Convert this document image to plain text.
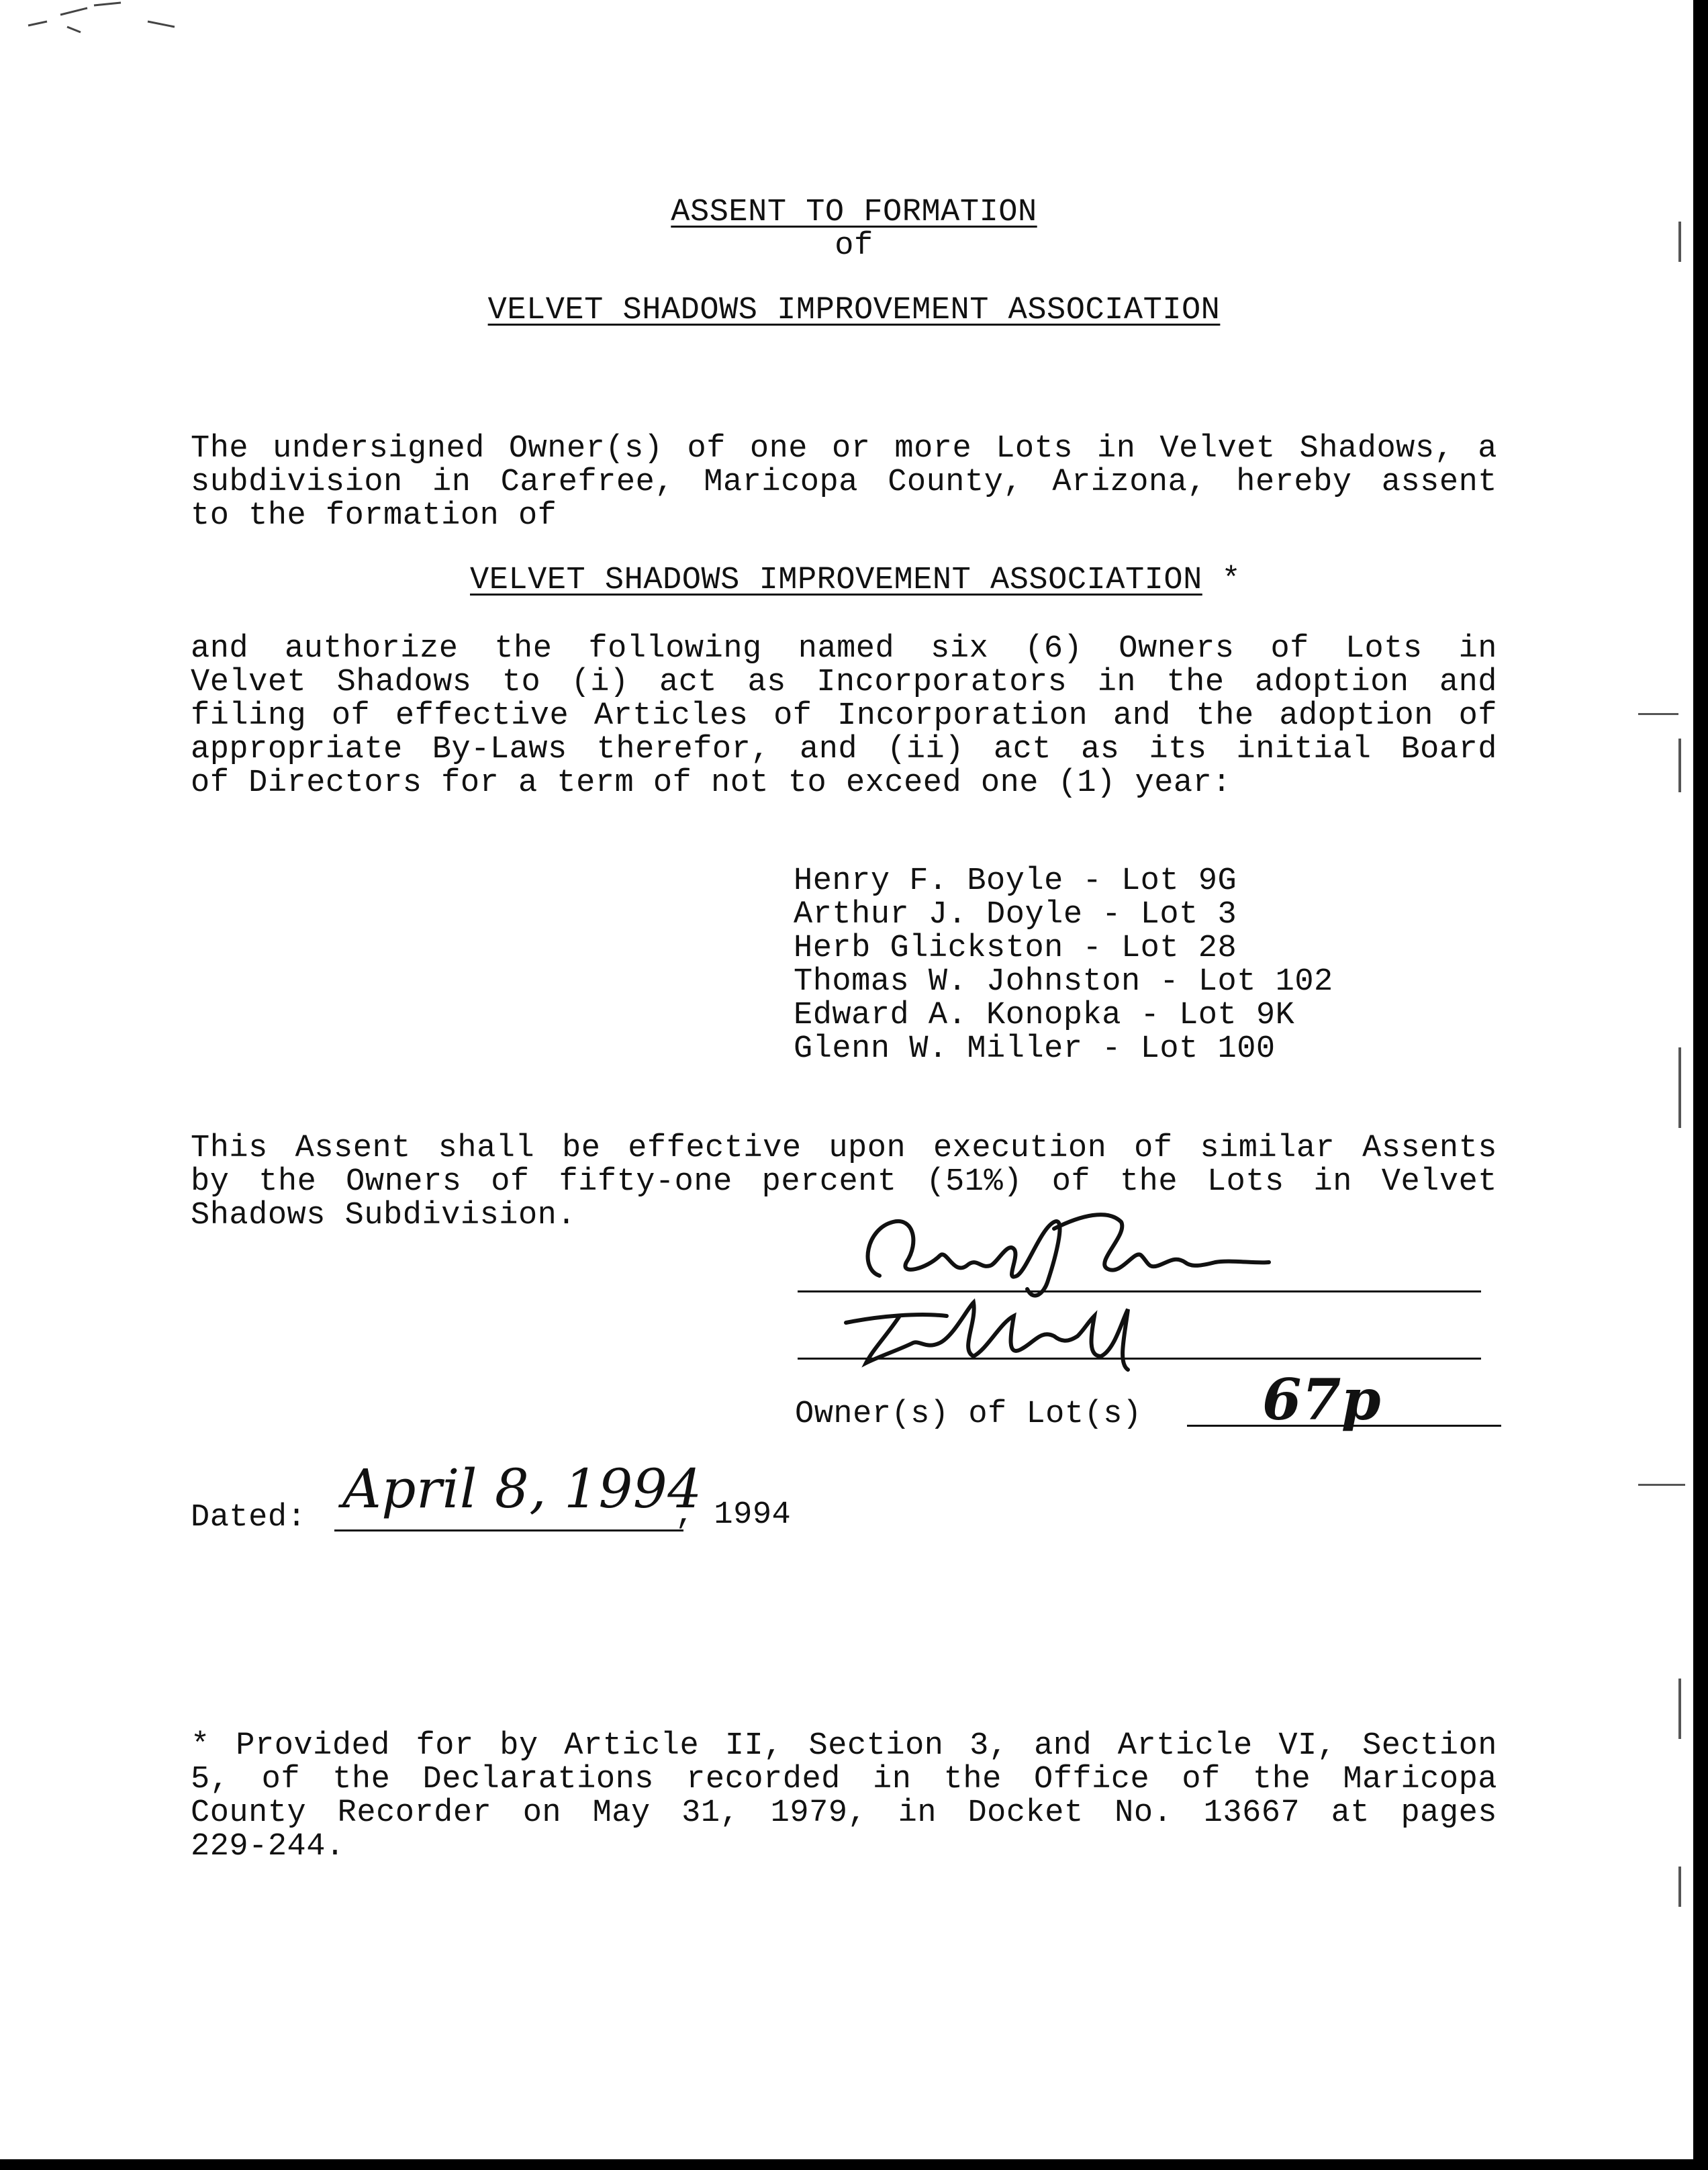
ASSENT TO FORMATION
of
VELVET SHADOWS IMPROVEMENT ASSOCIATION
The undersigned Owner(s) of one or more Lots in Velvet Shadows, a
subdivision in Carefree, Maricopa County, Arizona, hereby assent
to the formation of
VELVET SHADOWS IMPROVEMENT ASSOCIATION *
and authorize the following named six (6) Owners of Lots in
Velvet Shadows to (i) act as Incorporators in the adoption and
filing of effective Articles of Incorporation and the adoption of
appropriate By-Laws therefor, and (ii) act as its initial Board
of Directors for a term of not to exceed one (1) year:
Henry F. Boyle - Lot 9G
Arthur J. Doyle - Lot 3
Herb Glickston - Lot 28
Thomas W. Johnston - Lot 102
Edward A. Konopka - Lot 9K
Glenn W. Miller - Lot 100
This Assent shall be effective upon execution of similar Assents
by the Owners of fifty-one percent (51%) of the Lots in Velvet
Shadows Subdivision.
Owner(s) of Lot(s) 67p
Dated: April 8, 1994
, 1994
* Provided for by Article II, Section 3, and Article VI, Section
5, of the Declarations recorded in the Office of the Maricopa
County Recorder on May 31, 1979, in Docket No. 13667 at pages
229-244.
